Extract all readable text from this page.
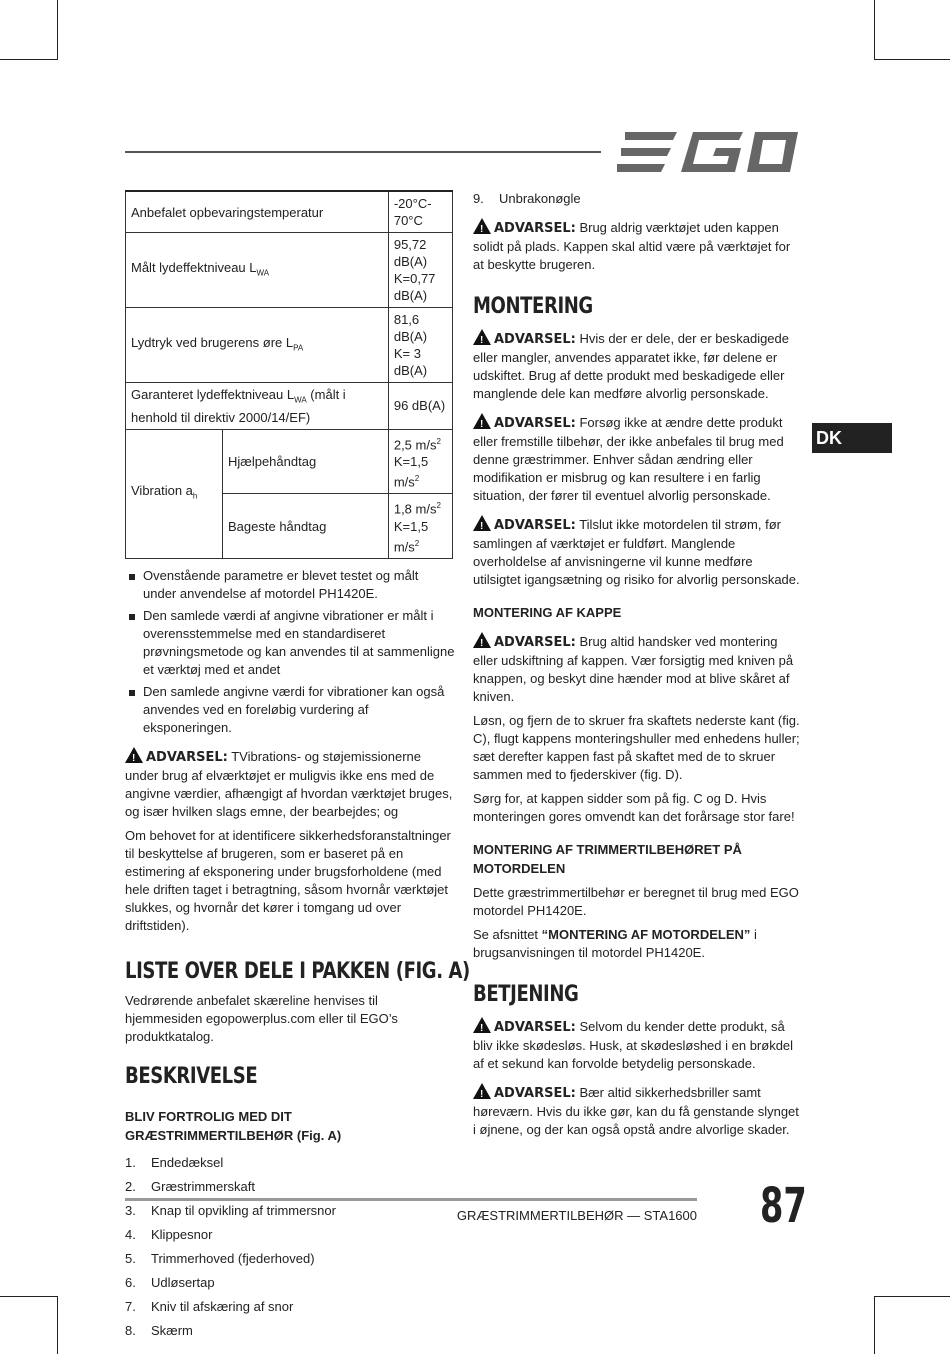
Anbefalet opbevaringstemperatur		-20°C-70°C
Målt lydeffektniveau $L_{WA}$		95,72 dB(A)
K=0,77 dB(A)
Lydtryk ved brugerens øre $L_{PA}$		81,6 dB(A)
K= 3 dB(A)
Garanteret lydeffektniveau $L_{WA}$ (målt i henhold til direktiv 2000/14/EF)		96 dB(A)
Vibration $a_h$	Hjælpehåndtag	2,5 $m/s^2$
K=1,5 $m/s^2$
	Bageste håndtag	1,8 $m/s^2$
K=1,5 $m/s^2$
Ovenstående parametre er blevet testet og målt under anvendelse af motordel PH1420E.
Den samlede værdi af angivne vibrationer er målt i overensstemmelse med en standardiseret prøvningsmetode og kan anvendes til at sammenligne et værktøj med et andet
Den samlede angivne værdi for vibrationer kan også anvendes ved en foreløbig vurdering af eksponeringen.

!ADVARSEL: TVibrations- og støjemissionerne under brug af elværktøjet er muligvis ikke ens med de angivne værdier, afhængigt af hvordan værktøjet bruges, og især hvilken slags emne, der bearbejdes; og

Om behovet for at identificere sikkerhedsforanstaltninger til beskyttelse af brugeren, som er baseret på en estimering af eksponering under brugsforholdene (med hele driften taget i betragtning, såsom hvornår værktøjet slukkes, og hvornår det kører i tomgang ud over driftstiden).

LISTE OVER DELE I PAKKEN (FIG. A)

Vedrørende anbefalet skæreline henvises til hjemmesiden egopowerplus.com eller til EGO’s produktkatalog.

BESKRIVELSE
BLIV FORTROLIG MED DIT GRÆSTRIMMERTILBEHØR (Fig. A)
1. Endedæksel
2. Græstrimmerskaft
3. Knap til opvikling af trimmersnor
4. Klippesnor
5. Trimmerhoved (fjederhoved)
6. Udløsertap
7. Kniv til afskæring af snor
8. Skærm
9. Unbrakonøgle

!ADVARSEL: Brug aldrig værktøjet uden kappen solidt på plads. Kappen skal altid være på værktøjet for at beskytte brugeren.

MONTERING

!ADVARSEL: Hvis der er dele, der er beskadigede eller mangler, anvendes apparatet ikke, før delene er udskiftet. Brug af dette produkt med beskadigede eller manglende dele kan medføre alvorlig personskade.

!ADVARSEL: Forsøg ikke at ændre dette produkt eller fremstille tilbehør, der ikke anbefales til brug med denne græstrimmer. Enhver sådan ændring eller modifikation er misbrug og kan resultere i en farlig situation, der fører til eventuel alvorlig personskade.

!ADVARSEL: Tilslut ikke motordelen til strøm, før samlingen af værktøjet er fuldført. Manglende overholdelse af anvisningerne vil kunne medføre utilsigtet igangsætning og risiko for alvorlig personskade.

MONTERING AF KAPPE

!ADVARSEL: Brug altid handsker ved montering eller udskiftning af kappen. Vær forsigtig med kniven på knappen, og beskyt dine hænder mod at blive skåret af kniven.

Løsn, og fjern de to skruer fra skaftets nederste kant (fig. C), flugt kappens monteringshuller med enhedens huller; sæt derefter kappen fast på skaftet med de to skruer sammen med to fjederskiver (fig. D).

Sørg for, at kappen sidder som på fig. C og D. Hvis monteringen gores omvendt kan det forårsage stor fare!

MONTERING AF TRIMMERTILBEHØRET PÅ MOTORDELEN

Dette græstrimmertilbehør er beregnet til brug med EGO motordel PH1420E.

Se afsnittet “MONTERING AF MOTORDELEN” i brugsanvisningen til motordel PH1420E.

BETJENING

!ADVARSEL: Selvom du kender dette produkt, så bliv ikke skødesløs. Husk, at skødesløshed i en brøkdel af et sekund kan forvolde betydelig personskade.

!ADVARSEL: Bær altid sikkerhedsbriller samt høreværn. Hvis du ikke gør, kan du få genstande slynget i øjnene, og der kan også opstå andre alvorlige skader.

DK
GRÆSTRIMMERTILBEHØR — STA1600 87
